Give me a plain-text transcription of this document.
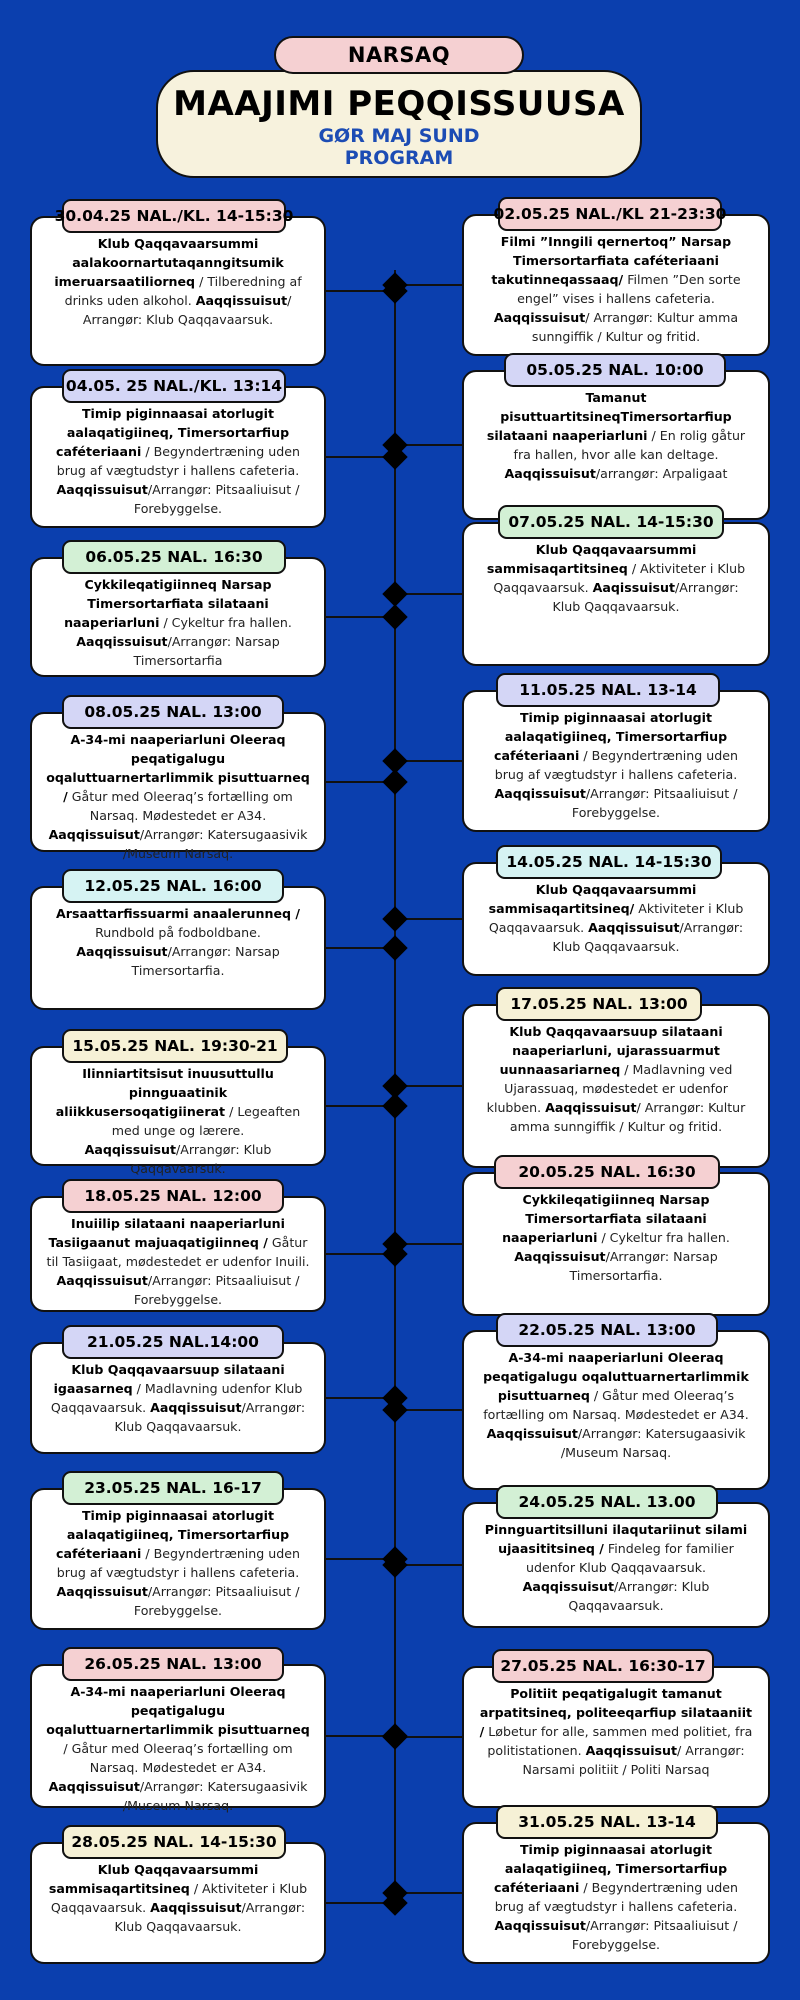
NARSAQ
MAAJIMI PEQQISSUUSA
GØR MAJ SUND
PROGRAM
Klub Qaqqavaarsummi aalakoornartutaqanngitsumik imeruarsaatiliorneq / Tilberedning af drinks uden alkohol. Aaqqissuisut/ Arrangør: Klub Qaqqavaarsuk.
30.04.25 NAL./KL. 14-15:30
Filmi ”Inngili qernertoq” Narsap Timersortarfiata caféteriaani takutinneqassaaq/ Filmen ”Den sorte engel” vises i hallens cafeteria. Aaqqissuisut/ Arrangør: Kultur amma sunngiffik / Kultur og fritid.
02.05.25 NAL./KL 21-23:30
Timip piginnaasai atorlugit aalaqatigiineq, Timersortarfiup caféteriaani / Begyndertræning uden brug af vægtudstyr i hallens cafeteria. Aaqqissuisut/Arrangør: Pitsaaliuisut / Forebyggelse.
04.05. 25 NAL./KL. 13:14
Tamanut pisuttuartitsineqTimersortarfiup silataani naaperiarluni / En rolig gåtur fra hallen, hvor alle kan deltage. Aaqqissuisut/arrangør: Arpaligaat
05.05.25 NAL. 10:00
Cykkileqatigiinneq Narsap Timersortarfiata silataani naaperiarluni / Cykeltur fra hallen. Aaqqissuisut/Arrangør: Narsap Timersortarfia
06.05.25 NAL. 16:30	Klub Qaqqavaarsummi sammisaqartitsineq / Aktiviteter i Klub Qaqqavaarsuk. Aaqissuisut/Arrangør: Klub Qaqqavaarsuk.
07.05.25 NAL. 14-15:30
A-34-mi naaperiarluni Oleeraq peqatigalugu oqaluttuarnertarlimmik pisuttuarneq / Gåtur med Oleeraq’s fortælling om Narsaq. Mødestedet er A34. Aaqqissuisut/Arrangør: Katersugaasivik /Museum Narsaq.
08.05.25 NAL. 13:00	Timip piginnaasai atorlugit aalaqatigiineq, Timersortarfiup caféteriaani / Begyndertræning uden brug af vægtudstyr i hallens cafeteria. Aaqqissuisut/Arrangør: Pitsaaliuisut / Forebyggelse.
11.05.25 NAL. 13-14
Arsaattarfissuarmi anaalerunneq / Rundbold på fodboldbane. Aaqqissuisut/Arrangør: Narsap Timersortarfia.
12.05.25 NAL. 16:00	Klub Qaqqavaarsummi sammisaqartitsineq/ Aktiviteter i Klub Qaqqavaarsuk. Aaqqissuisut/Arrangør: Klub Qaqqavaarsuk.
14.05.25 NAL. 14-15:30
Ilinniartitsisut inuusuttullu pinnguaatinik aliikkusersoqatigiinerat / Legeaften med unge og lærere. Aaqqissuisut/Arrangør: Klub Qaqqavaarsuk.
15.05.25 NAL. 19:30-21
Klub Qaqqavaarsuup silataani naaperiarluni, ujarassuarmut uunnaasariarneq / Madlavning ved Ujarassuaq, mødestedet er udenfor klubben. Aaqqissuisut/ Arrangør: Kultur amma sunngiffik / Kultur og fritid.
17.05.25 NAL. 13:00
Inuiilip silataani naaperiarluni Tasiigaanut majuaqatigiinneq / Gåtur til Tasiigaat, mødestedet er udenfor Inuili. Aaqqissuisut/Arrangør: Pitsaaliuisut / Forebyggelse.
18.05.25 NAL. 12:00	Cykkileqatigiinneq Narsap Timersortarfiata silataani naaperiarluni / Cykeltur fra hallen. Aaqqissuisut/Arrangør: Narsap Timersortarfia.
20.05.25 NAL. 16:30
Klub Qaqqavaarsuup silataani igaasarneq / Madlavning udenfor Klub Qaqqavaarsuk. Aaqqissuisut/Arrangør: Klub Qaqqavaarsuk.
21.05.25 NAL.14:00
A-34-mi naaperiarluni Oleeraq peqatigalugu oqaluttuarnertarlimmik pisuttuarneq / Gåtur med Oleeraq’s fortælling om Narsaq. Mødestedet er A34. Aaqqissuisut/Arrangør: Katersugaasivik /Museum Narsaq.
22.05.25 NAL. 13:00
Timip piginnaasai atorlugit aalaqatigiineq, Timersortarfiup caféteriaani / Begyndertræning uden brug af vægtudstyr i hallens cafeteria. Aaqqissuisut/Arrangør: Pitsaaliuisut / Forebyggelse.
23.05.25 NAL. 16-17
Pinnguartitsilluni ilaqutariinut silami ujaasititsineq / Findeleg for familier udenfor Klub Qaqqavaarsuk. Aaqqissuisut/Arrangør: Klub Qaqqavaarsuk.
24.05.25 NAL. 13.00
A-34-mi naaperiarluni Oleeraq peqatigalugu oqaluttuarnertarlimmik pisuttuarneq / Gåtur med Oleeraq’s fortælling om Narsaq. Mødestedet er A34. Aaqqissuisut/Arrangør: Katersugaasivik /Museum Narsaq.
26.05.25 NAL. 13:00
Politiit peqatigalugit tamanut arpatitsineq, politeeqarfiup silataaniit / Løbetur for alle, sammen med politiet, fra politistationen. Aaqqissuisut/ Arrangør: Narsami politiit / Politi Narsaq
27.05.25 NAL. 16:30-17
Klub Qaqqavaarsummi sammisaqartitsineq / Aktiviteter i Klub Qaqqavaarsuk. Aaqqissuisut/Arrangør: Klub Qaqqavaarsuk.
28.05.25 NAL. 14-15:30	Timip piginnaasai atorlugit aalaqatigiineq, Timersortarfiup caféteriaani / Begyndertræning uden brug af vægtudstyr i hallens cafeteria. Aaqqissuisut/Arrangør: Pitsaaliuisut / Forebyggelse.
31.05.25 NAL. 13-14
